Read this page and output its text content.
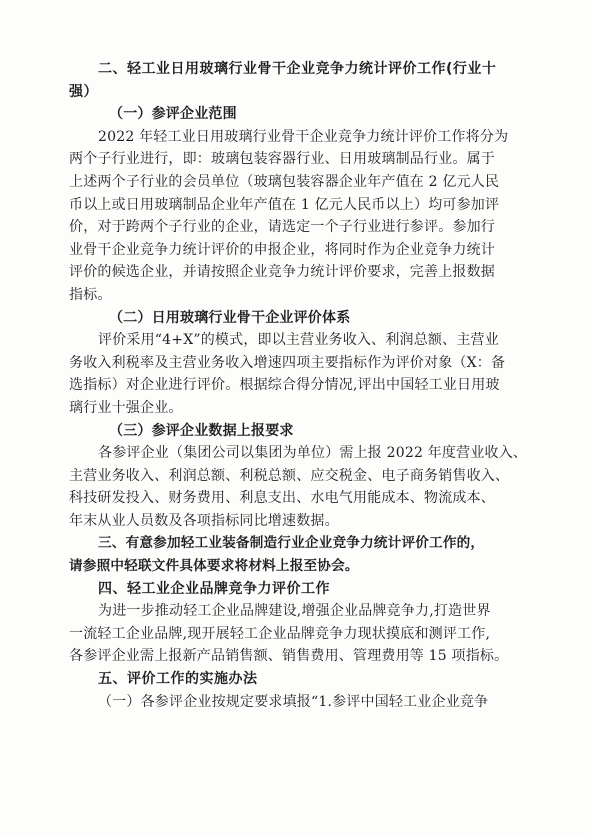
二、轻工业日用玻璃行业骨干企业竞争力统计评价工作(行业十
强）
（一）参评企业范围
2022 年轻工业日用玻璃行业骨干企业竞争力统计评价工作将分为
两个子行业进行，即：玻璃包装容器行业、日用玻璃制品行业。属于
上述两个子行业的会员单位（玻璃包装容器企业年产值在 2 亿元人民
币以上或日用玻璃制品企业年产值在 1 亿元人民币以上）均可参加评
价，对于跨两个子行业的企业，请选定一个子行业进行参评。参加行
业骨干企业竞争力统计评价的申报企业，将同时作为企业竞争力统计
评价的候选企业，并请按照企业竞争力统计评价要求，完善上报数据
指标。
（二）日用玻璃行业骨干企业评价体系
评价采用“4+X”的模式，即以主营业务收入、利润总额、主营业
务收入利税率及主营业务收入增速四项主要指标作为评价对象（X：备
选指标）对企业进行评价。根据综合得分情况,评出中国轻工业日用玻
璃行业十强企业。
（三）参评企业数据上报要求
各参评企业（集团公司以集团为单位）需上报 2022 年度营业收入、
主营业务收入、利润总额、利税总额、应交税金、电子商务销售收入、
科技研发投入、财务费用、利息支出、水电气用能成本、物流成本、
年末从业人员数及各项指标同比增速数据。
三、有意参加轻工业装备制造行业企业竞争力统计评价工作的，
请参照中轻联文件具体要求将材料上报至协会。
四、轻工业企业品牌竞争力评价工作
为进一步推动轻工企业品牌建设,增强企业品牌竞争力,打造世界
一流轻工企业品牌,现开展轻工企业品牌竞争力现状摸底和测评工作,
各参评企业需上报新产品销售额、销售费用、管理费用等 15 项指标。
五、评价工作的实施办法
（一）各参评企业按规定要求填报“1.参评中国轻工业企业竞争
